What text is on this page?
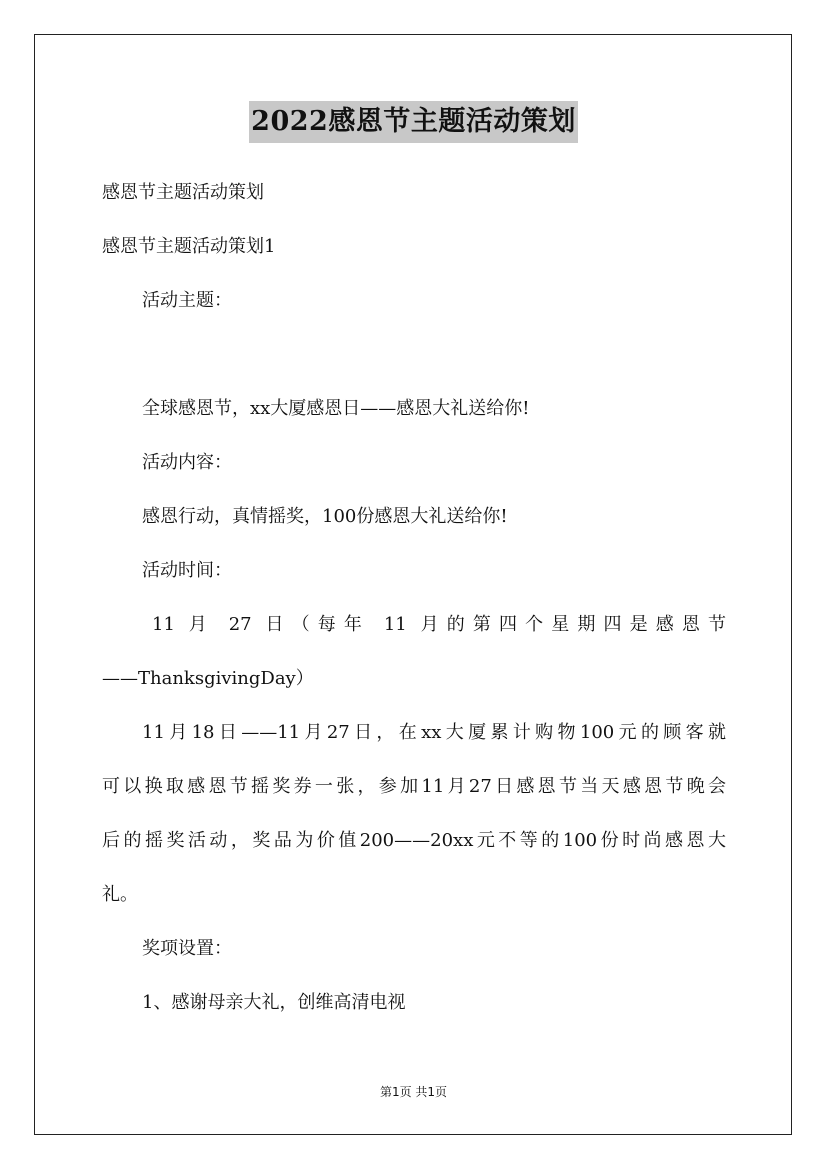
2022感恩节主题活动策划
感恩节主题活动策划
感恩节主题活动策划1
活动主题：
全球感恩节，xx大厦感恩日——感恩大礼送给你!
活动内容：
感恩行动，真情摇奖，100份感恩大礼送给你!
活动时间：
11 月 27 日（每年 11 月的第四个星期四是感恩节
——ThanksgivingDay）
11月18日——11月27日，在xx大厦累计购物100元的顾客就
可以换取感恩节摇奖券一张，参加11月27日感恩节当天感恩节晚会
后的摇奖活动，奖品为价值200——20xx元不等的100份时尚感恩大
礼。
奖项设置：
1、感谢母亲大礼，创维高清电视
第1页 共1页
